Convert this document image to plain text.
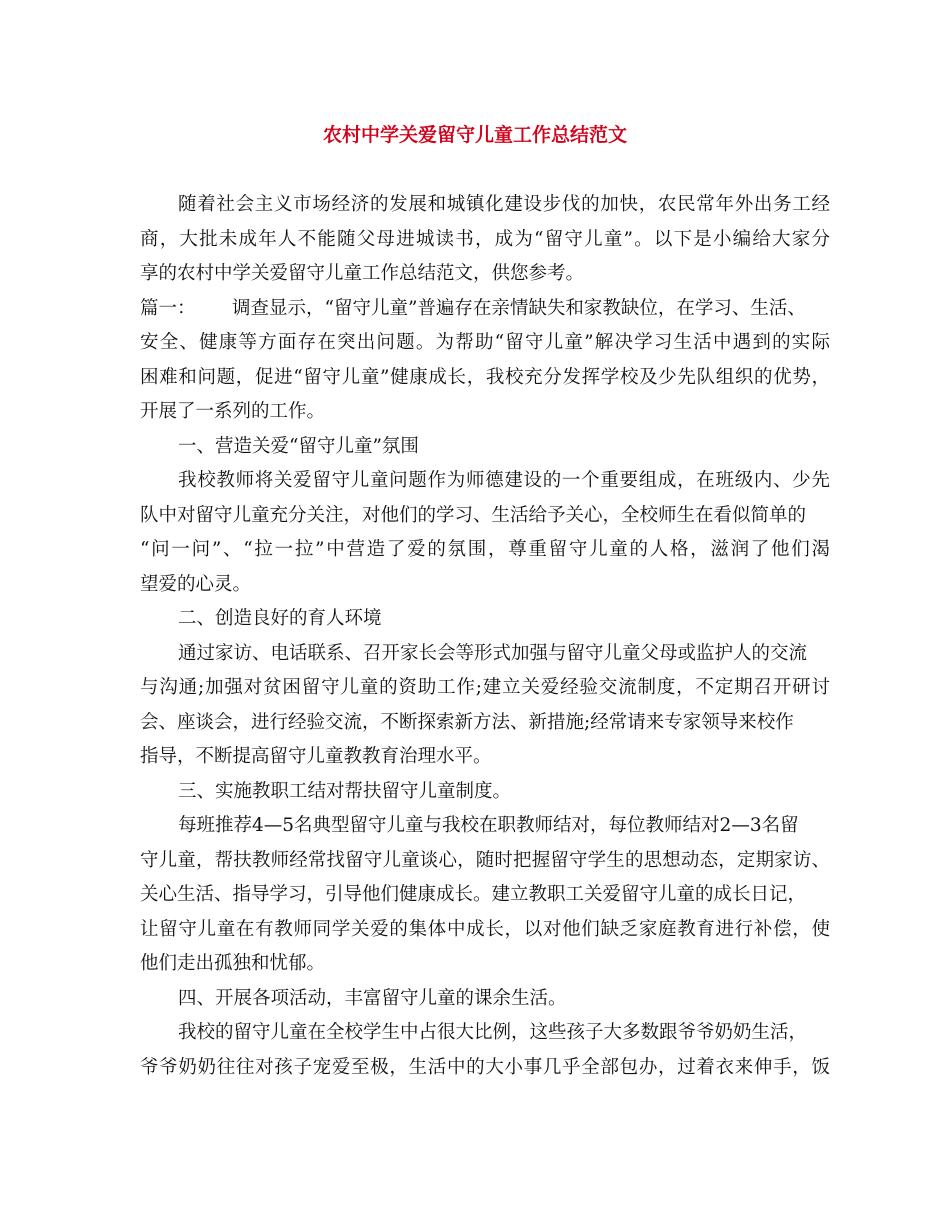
农村中学关爱留守儿童工作总结范文
随着社会主义市场经济的发展和城镇化建设步伐的加快，农民常年外出务工经
商，大批未成年人不能随父母进城读书，成为“留守儿童”。以下是小编给大家分
享的农村中学关爱留守儿童工作总结范文，供您参考。
篇一： 调查显示，“留守儿童”普遍存在亲情缺失和家教缺位，在学习、生活、
安全、健康等方面存在突出问题。为帮助“留守儿童”解决学习生活中遇到的实际
困难和问题，促进“留守儿童”健康成长，我校充分发挥学校及少先队组织的优势，
开展了一系列的工作。
一、营造关爱“留守儿童”氛围
我校教师将关爱留守儿童问题作为师德建设的一个重要组成，在班级内、少先
队中对留守儿童充分关注，对他们的学习、生活给予关心，全校师生在看似简单的
“问一问”、“拉一拉”中营造了爱的氛围，尊重留守儿童的人格，滋润了他们渴
望爱的心灵。
二、创造良好的育人环境
通过家访、电话联系、召开家长会等形式加强与留守儿童父母或监护人的交流
与沟通;加强对贫困留守儿童的资助工作;建立关爱经验交流制度，不定期召开研讨
会、座谈会，进行经验交流，不断探索新方法、新措施;经常请来专家领导来校作
指导，不断提高留守儿童教教育治理水平。
三、实施教职工结对帮扶留守儿童制度。
每班推荐4—5名典型留守儿童与我校在职教师结对，每位教师结对2—3名留
守儿童，帮扶教师经常找留守儿童谈心，随时把握留守学生的思想动态，定期家访、
关心生活、指导学习，引导他们健康成长。建立教职工关爱留守儿童的成长日记，
让留守儿童在有教师同学关爱的集体中成长，以对他们缺乏家庭教育进行补偿，使
他们走出孤独和忧郁。
四、开展各项活动，丰富留守儿童的课余生活。
我校的留守儿童在全校学生中占很大比例，这些孩子大多数跟爷爷奶奶生活，
爷爷奶奶往往对孩子宠爱至极，生活中的大小事几乎全部包办，过着衣来伸手，饭
